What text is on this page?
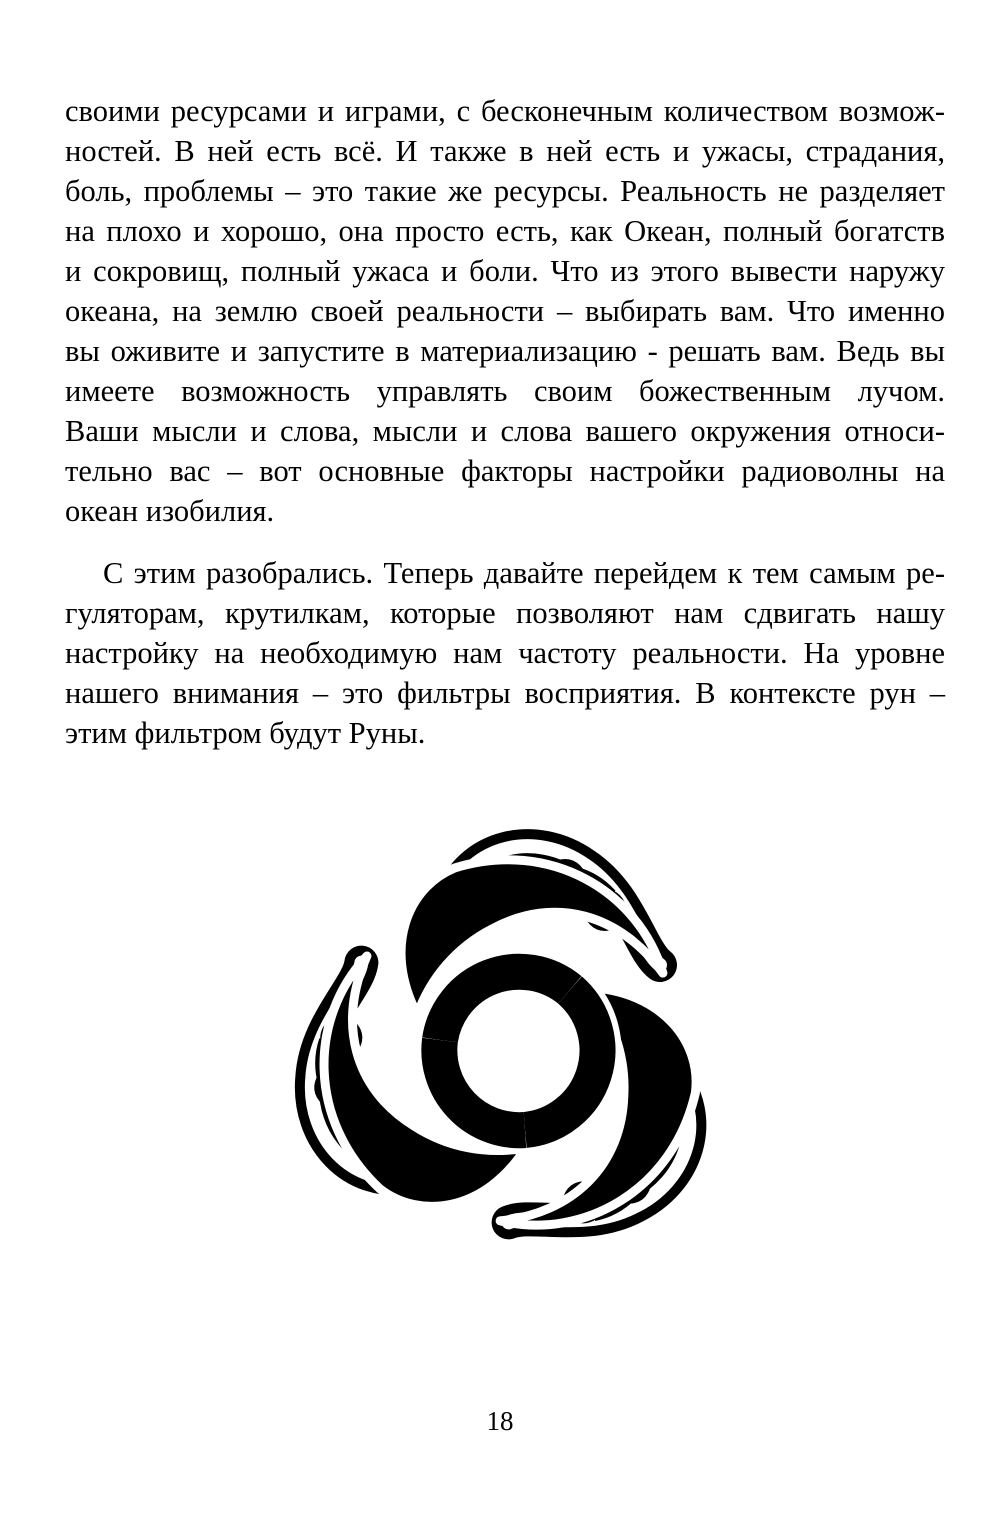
своими ресурсами и играми, с бесконечным количеством возмож-
ностей. В ней есть всё. И также в ней есть и ужасы, страдания,
боль, проблемы – это такие же ресурсы. Реальность не разделяет
на плохо и хорошо, она просто есть, как Океан, полный богатств
и сокровищ, полный ужаса и боли. Что из этого вывести наружу
океана, на землю своей реальности – выбирать вам. Что именно
вы оживите и запустите в материализацию - решать вам. Ведь вы
имеете возможность управлять своим божественным лучом.
Ваши мысли и слова, мысли и слова вашего окружения относи-
тельно вас – вот основные факторы настройки радиоволны на
океан изобилия.
С этим разобрались. Теперь давайте перейдем к тем самым ре-
гуляторам, крутилкам, которые позволяют нам сдвигать нашу
настройку на необходимую нам частоту реальности. На уровне
нашего внимания – это фильтры восприятия. В контексте рун –
этим фильтром будут Руны.
18
